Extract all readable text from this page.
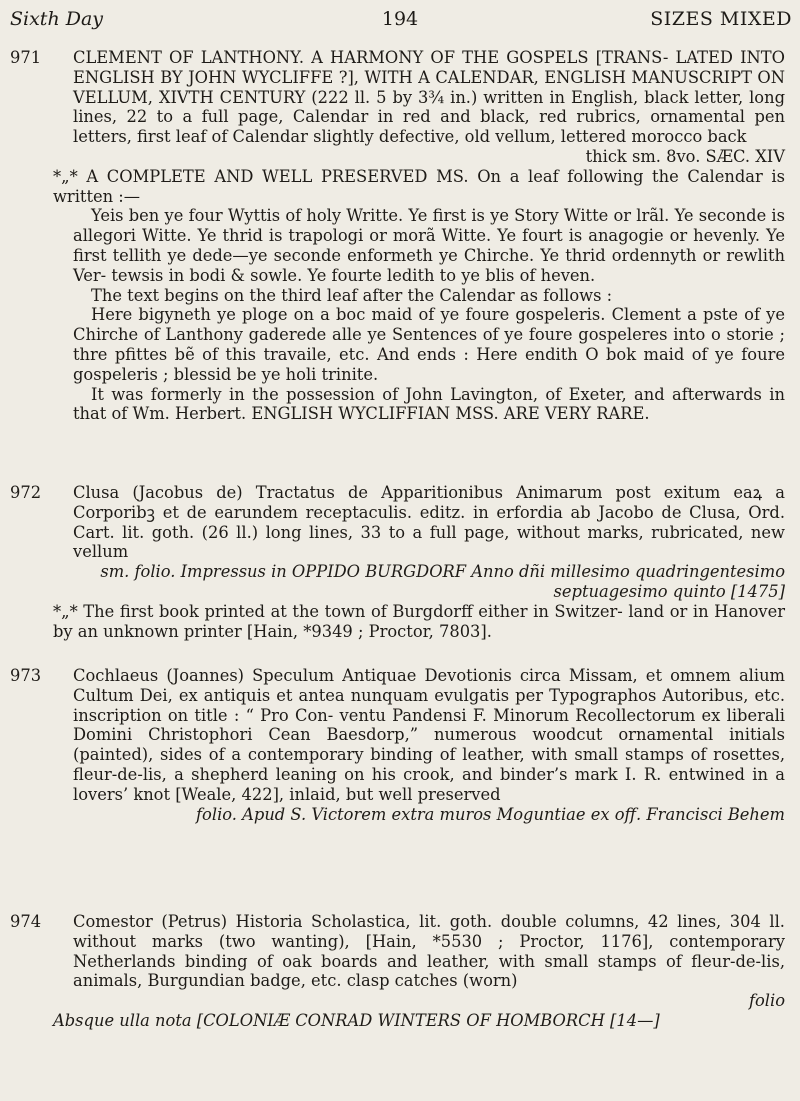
Sixth Day	194	SIZES MIXED
971	CLEMENT OF LANTHONY. A HARMONY OF THE GOSPELS [TRANS- LATED INTO ENGLISH BY JOHN WYCLIFFE ?], WITH A CALENDAR, ENGLISH MANUSCRIPT ON VELLUM, XIVTH CENTURY (222 ll. 5 by 3¾ in.) written in English, black letter, long lines, 22 to a full page, Calendar in red and black, red rubrics, ornamental pen letters, first leaf of Calendar slightly defective, old vellum, lettered morocco back

thick sm. 8vo. SÆC. XIV

*„* A COMPLETE AND WELL PRESERVED MS. On a leaf following the Calendar is written :—

Yeis ben ye four Wyttis of holy Writte. Ye first is ye Story Witte or lrãl. Ye seconde is allegori Witte. Ye thrid is trapologi or morã Witte. Ye fourt is anagogie or hevenly. Ye first tellith ye dede—ye seconde enformeth ye Chirche. Ye thrid ordennyth or rewlith Ver- tewsis in bodi & sowle. Ye fourte ledith to ye blis of heven.

The text begins on the third leaf after the Calendar as follows :

Here bigyneth ye ploge on a boc maid of ye foure gospeleris. Clement a pste of ye Chirche of Lanthony gaderede alle ye Sentences of ye foure gospeleres into o storie ; thre pfittes bẽ of this travaile, etc. And ends : Here endith O bok maid of ye foure gospeleris ; blessid be ye holi trinite.

It was formerly in the possession of John Lavington, of Exeter, and afterwards in that of Wm. Herbert. ENGLISH WYCLIFFIAN MSS. ARE VERY RARE.

972	Clusa (Jacobus de) Tractatus de Apparitionibus Animarum post exitum eaꝝ a Corporibꝫ et de earundem receptaculis. editz. in erfordia ab Jacobo de Clusa, Ord. Cart. lit. goth. (26 ll.) long lines, 33 to a full page, without marks, rubricated, new vellum

sm. folio. Impressus in OPPIDO BURGDORF Anno dñi millesimo quadringentesimo septuagesimo quinto [1475]

*„* The first book printed at the town of Burgdorff either in Switzer- land or in Hanover by an unknown printer [Hain, *9349 ; Proctor, 7803].

973	Cochlaeus (Joannes) Speculum Antiquae Devotionis circa Missam, et omnem alium Cultum Dei, ex antiquis et antea nunquam evulgatis per Typographos Autoribus, etc. inscription on title : “ Pro Con- ventu Pandensi F. Minorum Recollectorum ex liberali Domini Christophori Cean Baesdorp,” numerous woodcut ornamental initials (painted), sides of a contemporary binding of leather, with small stamps of rosettes, fleur-de-lis, a shepherd leaning on his crook, and binder’s mark I. R. entwined in a lovers’ knot [Weale, 422], inlaid, but well preserved

folio. Apud S. Victorem extra muros Moguntiae ex off. Francisci Behem

974	Comestor (Petrus) Historia Scholastica, lit. goth. double columns, 42 lines, 304 ll. without marks (two wanting), [Hain, *5530 ; Proctor, 1176], contemporary Netherlands binding of oak boards and leather, with small stamps of fleur-de-lis, animals, Burgundian badge, etc. clasp catches (worn)

folio

Absque ulla nota [COLONIÆ CONRAD WINTERS OF HOMBORCH [14—]
